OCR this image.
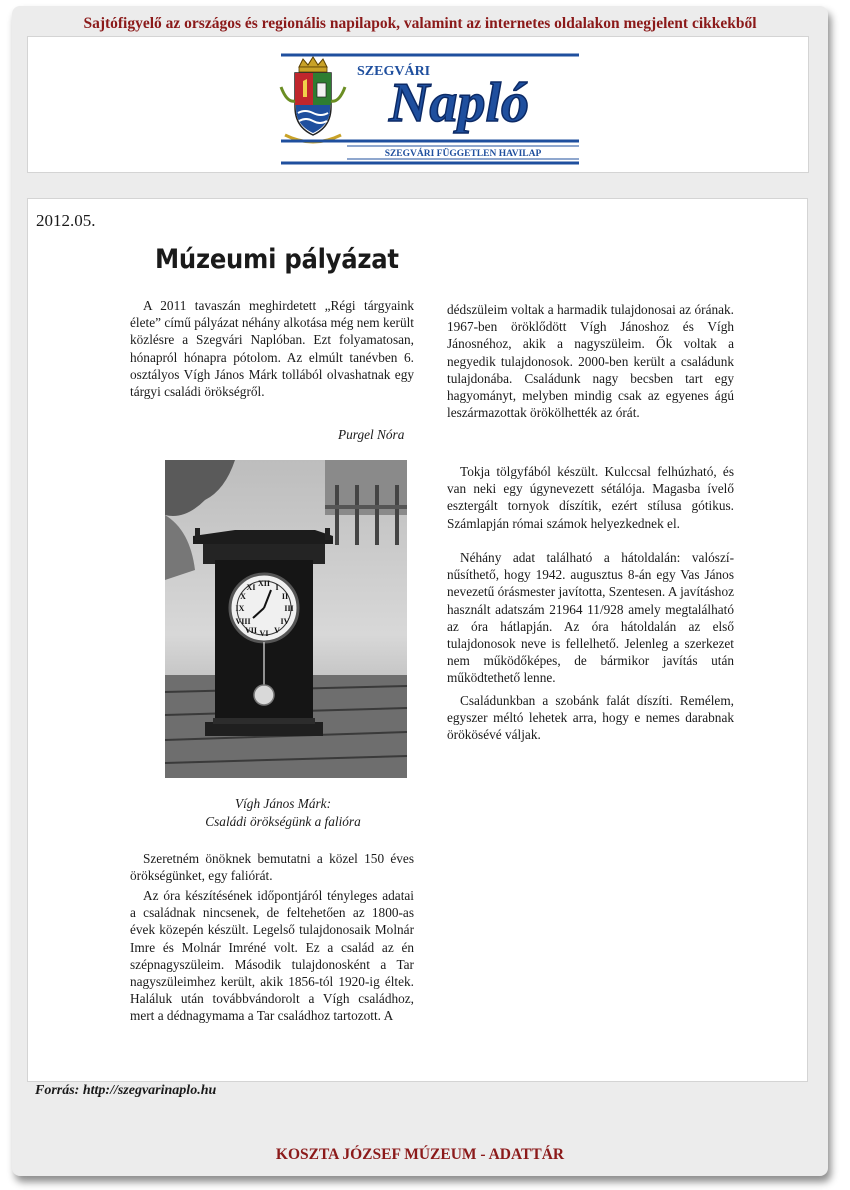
Sajtófigyelő az országos és regionális napilapok, valamint az internetes oldalakon megjelent cikkekből
SZEGVÁRI
Napló
SZEGVÁRI FÜGGETLEN HAVILAP
2012.05.
Múzeumi pályázat

A 2011 tavaszán meghirdetett „Régi tárgyaink élete” című pályázat néhány alkotása még nem került közlésre a Szegvári Naplóban. Ezt folyamatosan, hónapról hónapra pótolom. Az elmúlt tanévben 6. osztályos Vígh János Márk tollából olvashatnak egy tárgyi családi örökségről.

Purgel Nóra
XII
III
VI
IX
I
II
IV
V
VII
VIII
X
XI
Vígh János Márk:
Családi örökségünk a falióra

Szeretném önöknek bemutatni a közel 150 éves örökségünket, egy faliórát.

Az óra készítésének időpontjáról tényleges adatai a családnak nincsenek, de feltehetően az 1800-as évek közepén készült. Legelső tulajdonosaik Molnár Imre és Molnár Imréné volt. Ez a család az én szépnagyszüleim. Második tulajdonosként a Tar nagyszüleimhez került, akik 1856-tól 1920-ig éltek. Haláluk után továbbvándorolt a Vígh családhoz, mert a dédnagymama a Tar családhoz tartozott. A

dédszüleim voltak a harmadik tulajdonosai az órának. 1967-ben öröklődött Vígh Jánoshoz és Vígh Jánosnéhoz, akik a nagyszüleim. Ők voltak a negyedik tulajdonosok. 2000-ben került a családunk tulajdonába. Családunk nagy becsben tart egy hagyományt, melyben mindig csak az egyenes ágú leszármazottak örökölhették az órát.

Tokja tölgyfából készült. Kulccsal felhúzható, és van neki egy úgynevezett sétálója. Magasba ívelő esztergált tornyok díszítik, ezért stílusa gótikus. Számlapján római számok helyezkednek el.

Néhány adat található a hátoldalán: valószínűsíthető, hogy 1942. augusztus 8-án egy Vas János nevezetű órásmester javította, Szentesen. A javításhoz használt adatszám 21964 11/928 amely megtalálható az óra hátlapján. Az óra hátoldalán az első tulajdonosok neve is fellelhető. Jelenleg a szerkezet nem működőképes, de bármikor javítás után működtethető lenne.

Családunkban a szobánk falát díszíti. Remélem, egyszer méltó lehetek arra, hogy e nemes darabnak örökösévé váljak.

Forrás: http://szegvarinaplo.hu
KOSZTA JÓZSEF MÚZEUM - ADATTÁR
